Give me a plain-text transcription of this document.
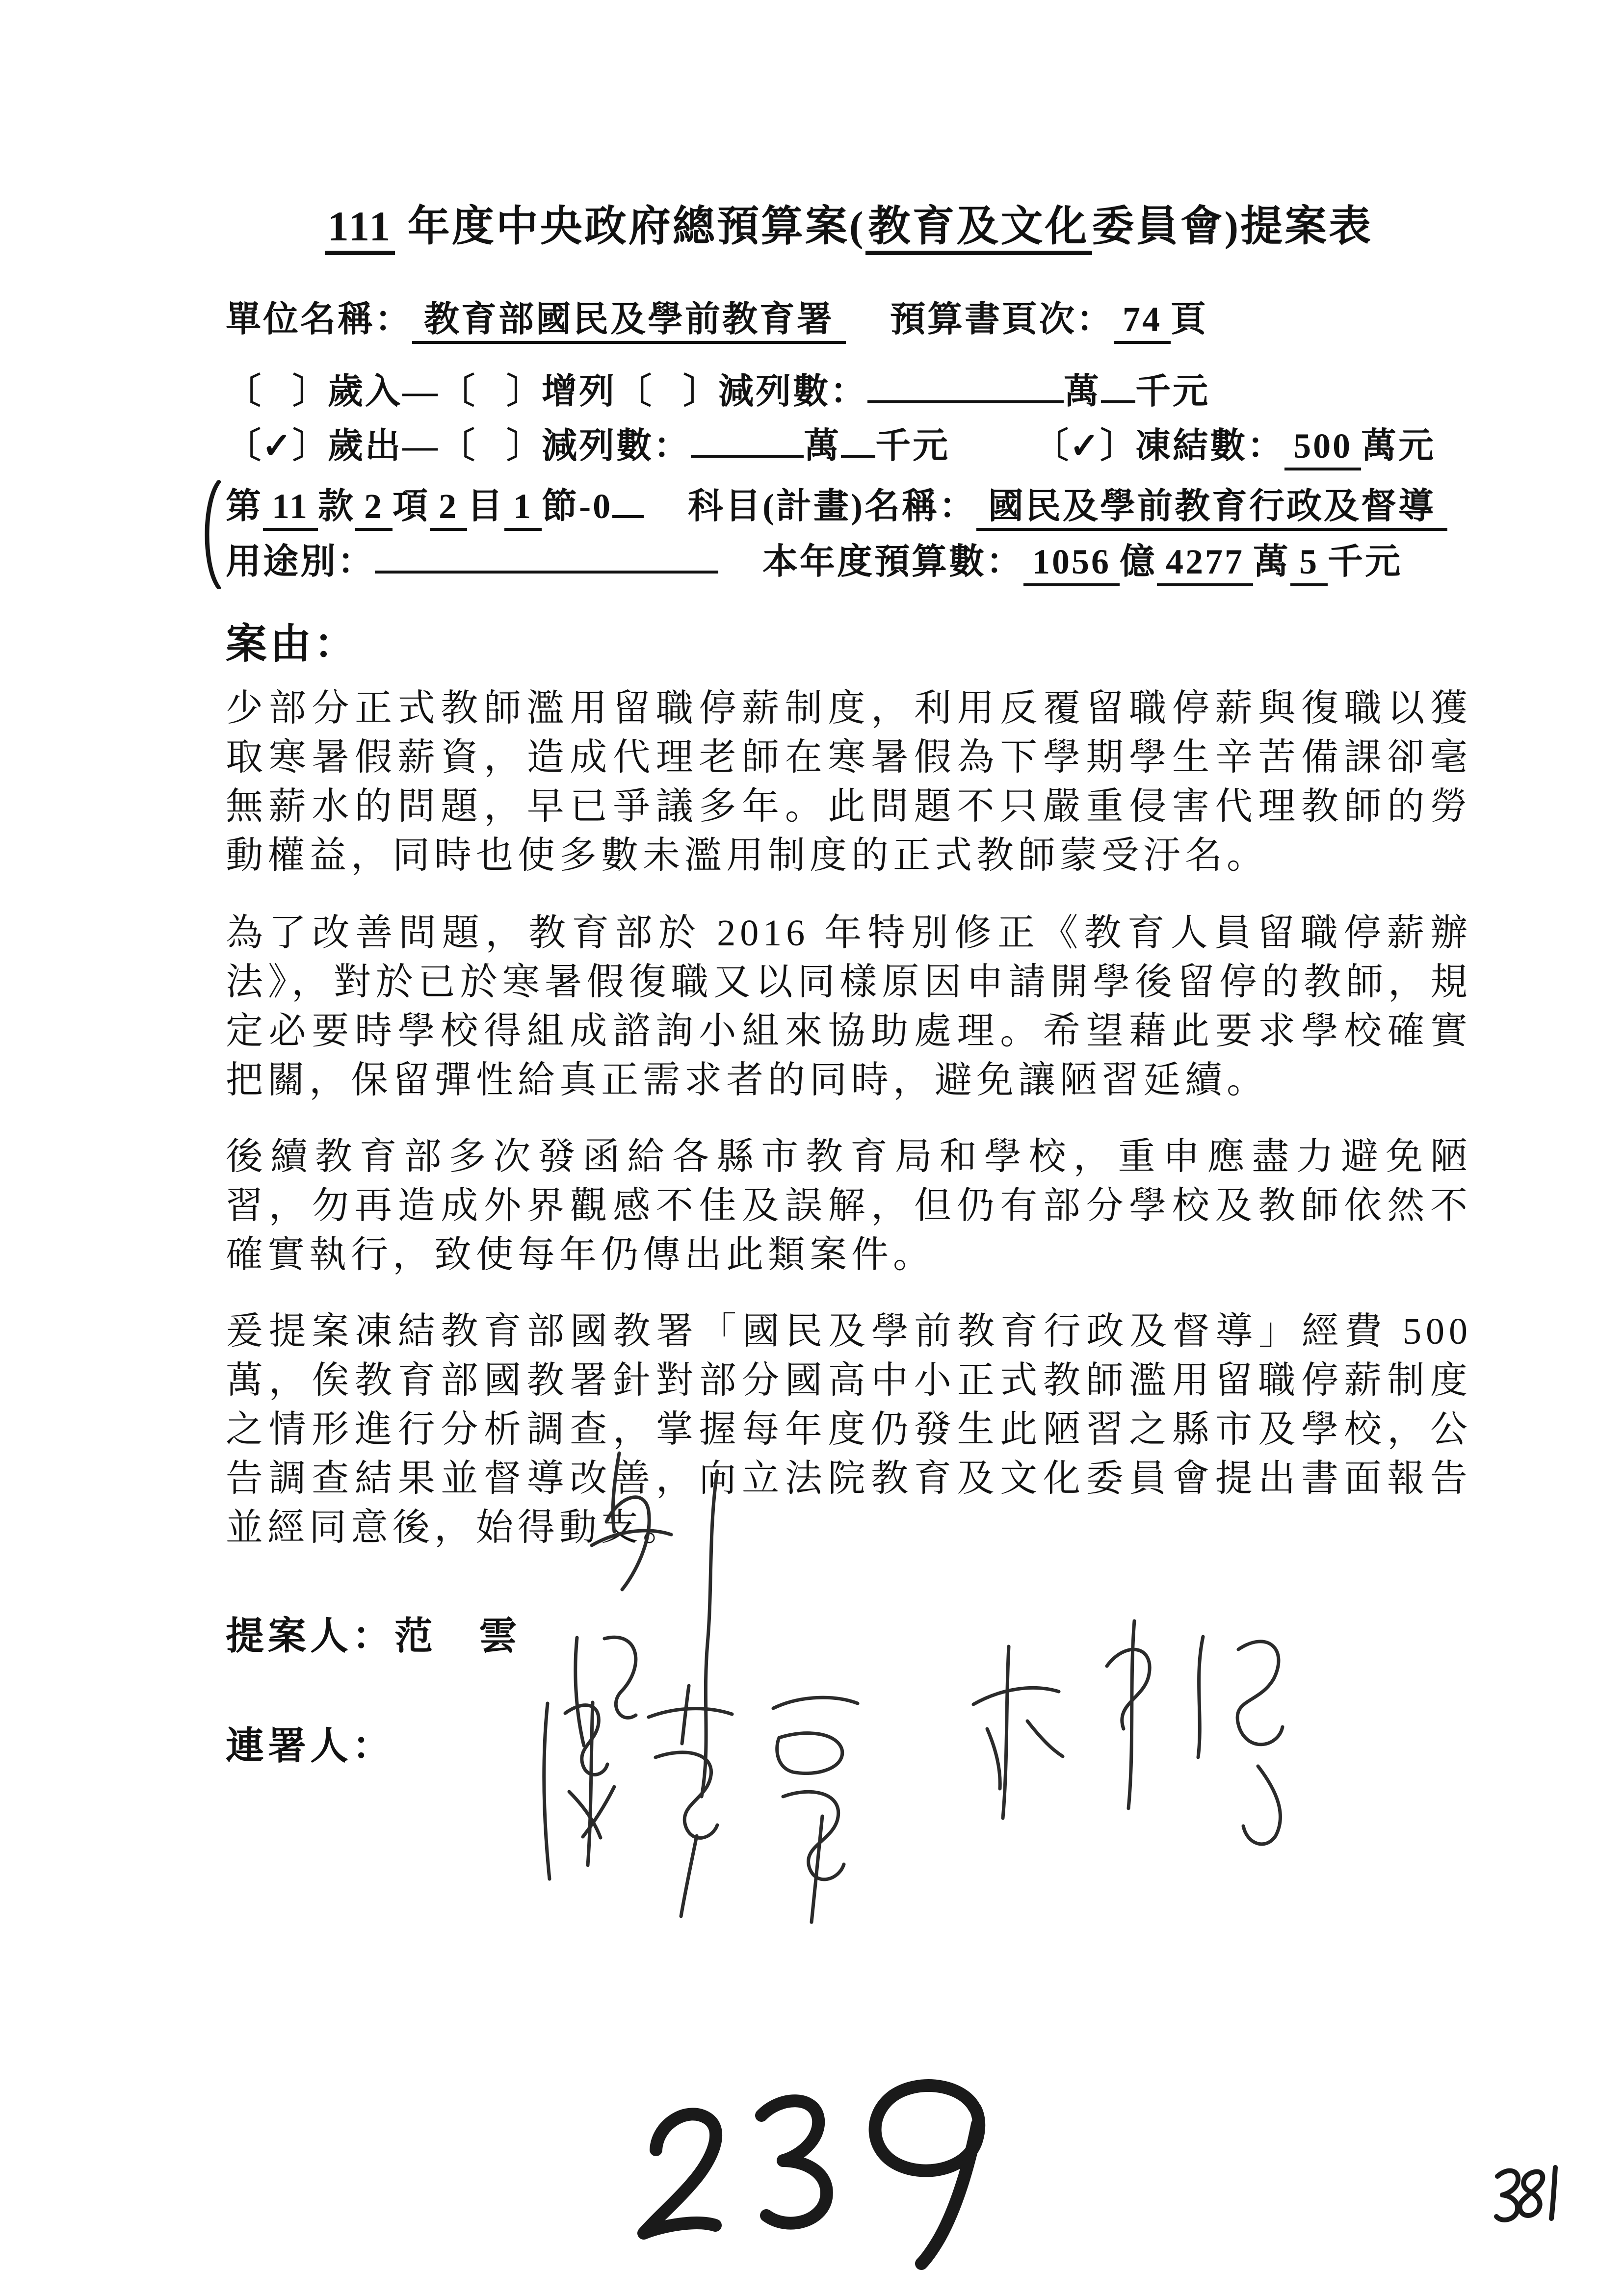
111 年度中央政府總預算案(教育及文化委員會)提案表
單位名稱： 教育部國民及學前教育署 預算書頁次： 74 頁
〔 〕歲入—〔 〕增列〔 〕減列數：	萬 千元
〔✓〕歲出—〔 〕減列數：	萬 千元 〔✓〕凍結數： 500 萬元
第 11 款 2 項 2 目 1 節-0 科目(計畫)名稱： 國民及學前教育行政及督導
用途別：	本年度預算數： 1056 億 4277 萬 5 千元
案由：
少部分正式教師濫用留職停薪制度，利用反覆留職停薪與復職以獲取寒暑假薪資，造成代理老師在寒暑假為下學期學生辛苦備課卻毫無薪水的問題，早已爭議多年。此問題不只嚴重侵害代理教師的勞動權益，同時也使多數未濫用制度的正式教師蒙受汙名。
為了改善問題，教育部於 2016 年特別修正《教育人員留職停薪辦法》，對於已於寒暑假復職又以同樣原因申請開學後留停的教師，規定必要時學校得組成諮詢小組來協助處理。希望藉此要求學校確實把關，保留彈性給真正需求者的同時，避免讓陋習延續。
後續教育部多次發函給各縣市教育局和學校，重申應盡力避免陋習，勿再造成外界觀感不佳及誤解，但仍有部分學校及教師依然不確實執行，致使每年仍傳出此類案件。
爰提案凍結教育部國教署「國民及學前教育行政及督導」經費 500 萬，俟教育部國教署針對部分國高中小正式教師濫用留職停薪制度之情形進行分析調查，掌握每年度仍發生此陋習之縣市及學校，公告調查結果並督導改善，向立法院教育及文化委員會提出書面報告並經同意後，始得動支。
提案人：范　雲
連署人：
